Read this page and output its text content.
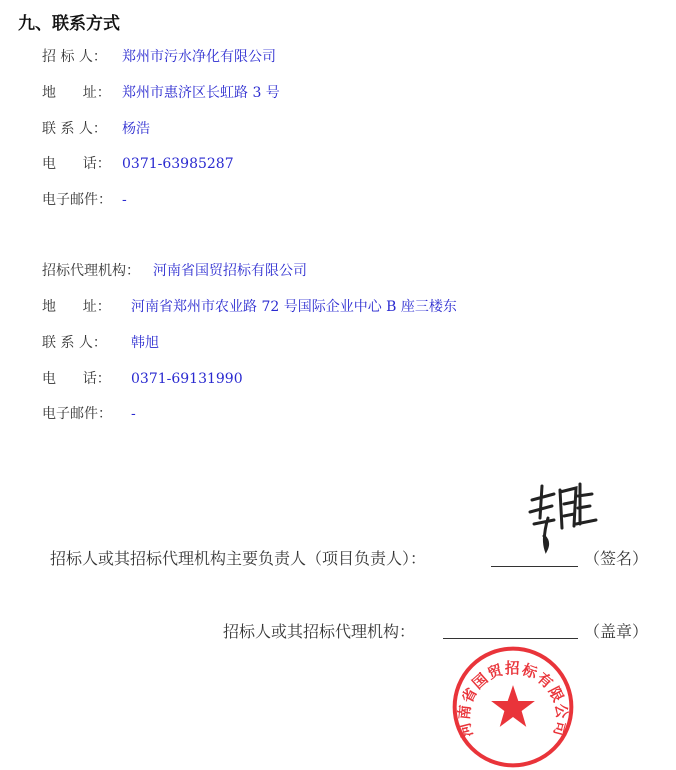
九、联系方式
招 标 人： 郑州市污水净化有限公司
地      址： 郑州市惠济区长虹路 3 号
联 系 人： 杨浩
电      话： 0371-63985287
电子邮件： -
招标代理机构： 河南省国贸招标有限公司
地      址： 河南省郑州市农业路 72 号国际企业中心 B 座三楼东
联 系 人： 韩旭
电      话： 0371-69131990
电子邮件： -
招标人或其招标代理机构主要负责人（项目负责人）：	（签名）
招标人或其招标代理机构：	（盖章）
河南省国贸招标有限公司
